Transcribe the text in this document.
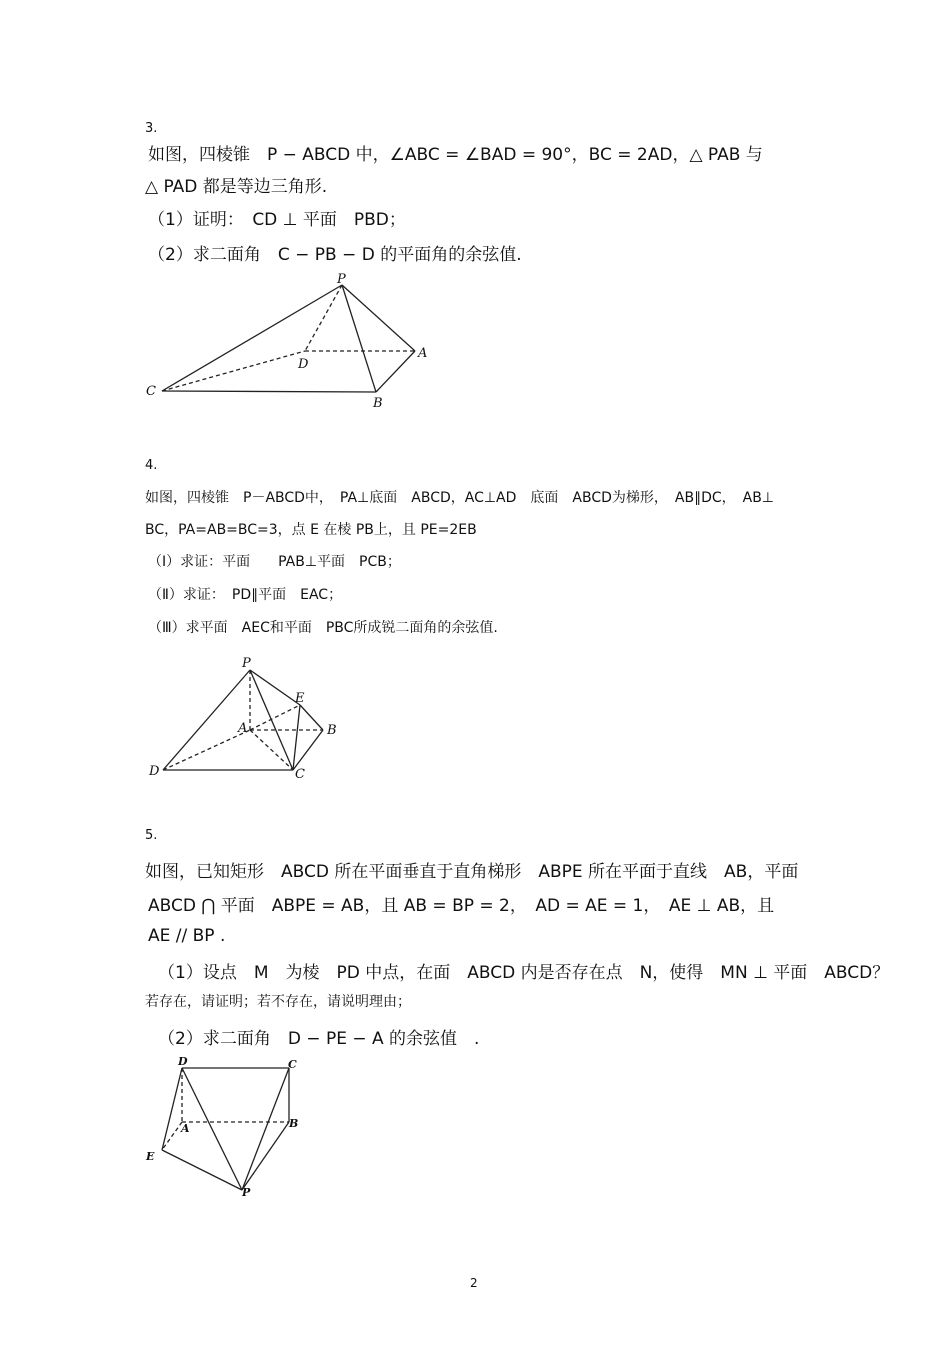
3.
如图，四棱锥　P − ABCD 中，∠ABC = ∠BAD = 90°，BC = 2AD，△ PAB 与
△ PAD 都是等边三角形.
（1）证明：　CD ⊥ 平面　PBD；
（2）求二面角　C − PB − D 的平面角的余弦值.
P
D
A
C
B
4.
如图，四棱锥　P－ABCD中，　PA⊥底面　ABCD，AC⊥AD　底面　ABCD为梯形，　AB∥DC，　AB⊥
BC，PA=AB=BC=3，点 E 在棱 PB上，且 PE=2EB
（Ⅰ）求证：平面　　PAB⊥平面　PCB；
（Ⅱ）求证：　PD∥平面　EAC；
（Ⅲ）求平面　AEC和平面　PBC所成锐二面角的余弦值.
P
E
A	B
D	C
5.
如图，已知矩形　ABCD 所在平面垂直于直角梯形　ABPE 所在平面于直线　AB，平面
ABCD ⋂ 平面　ABPE = AB，且 AB = BP = 2，　AD = AE = 1，　AE ⊥ AB，且
AE // BP .
（1）设点　M　为棱　PD 中点，在面　ABCD 内是否存在点　N，使得　MN ⊥ 平面　ABCD？
若存在，请证明；若不存在，请说明理由；
（2）求二面角　D − PE − A 的余弦值　.
D	C
A	B
E
P
2
